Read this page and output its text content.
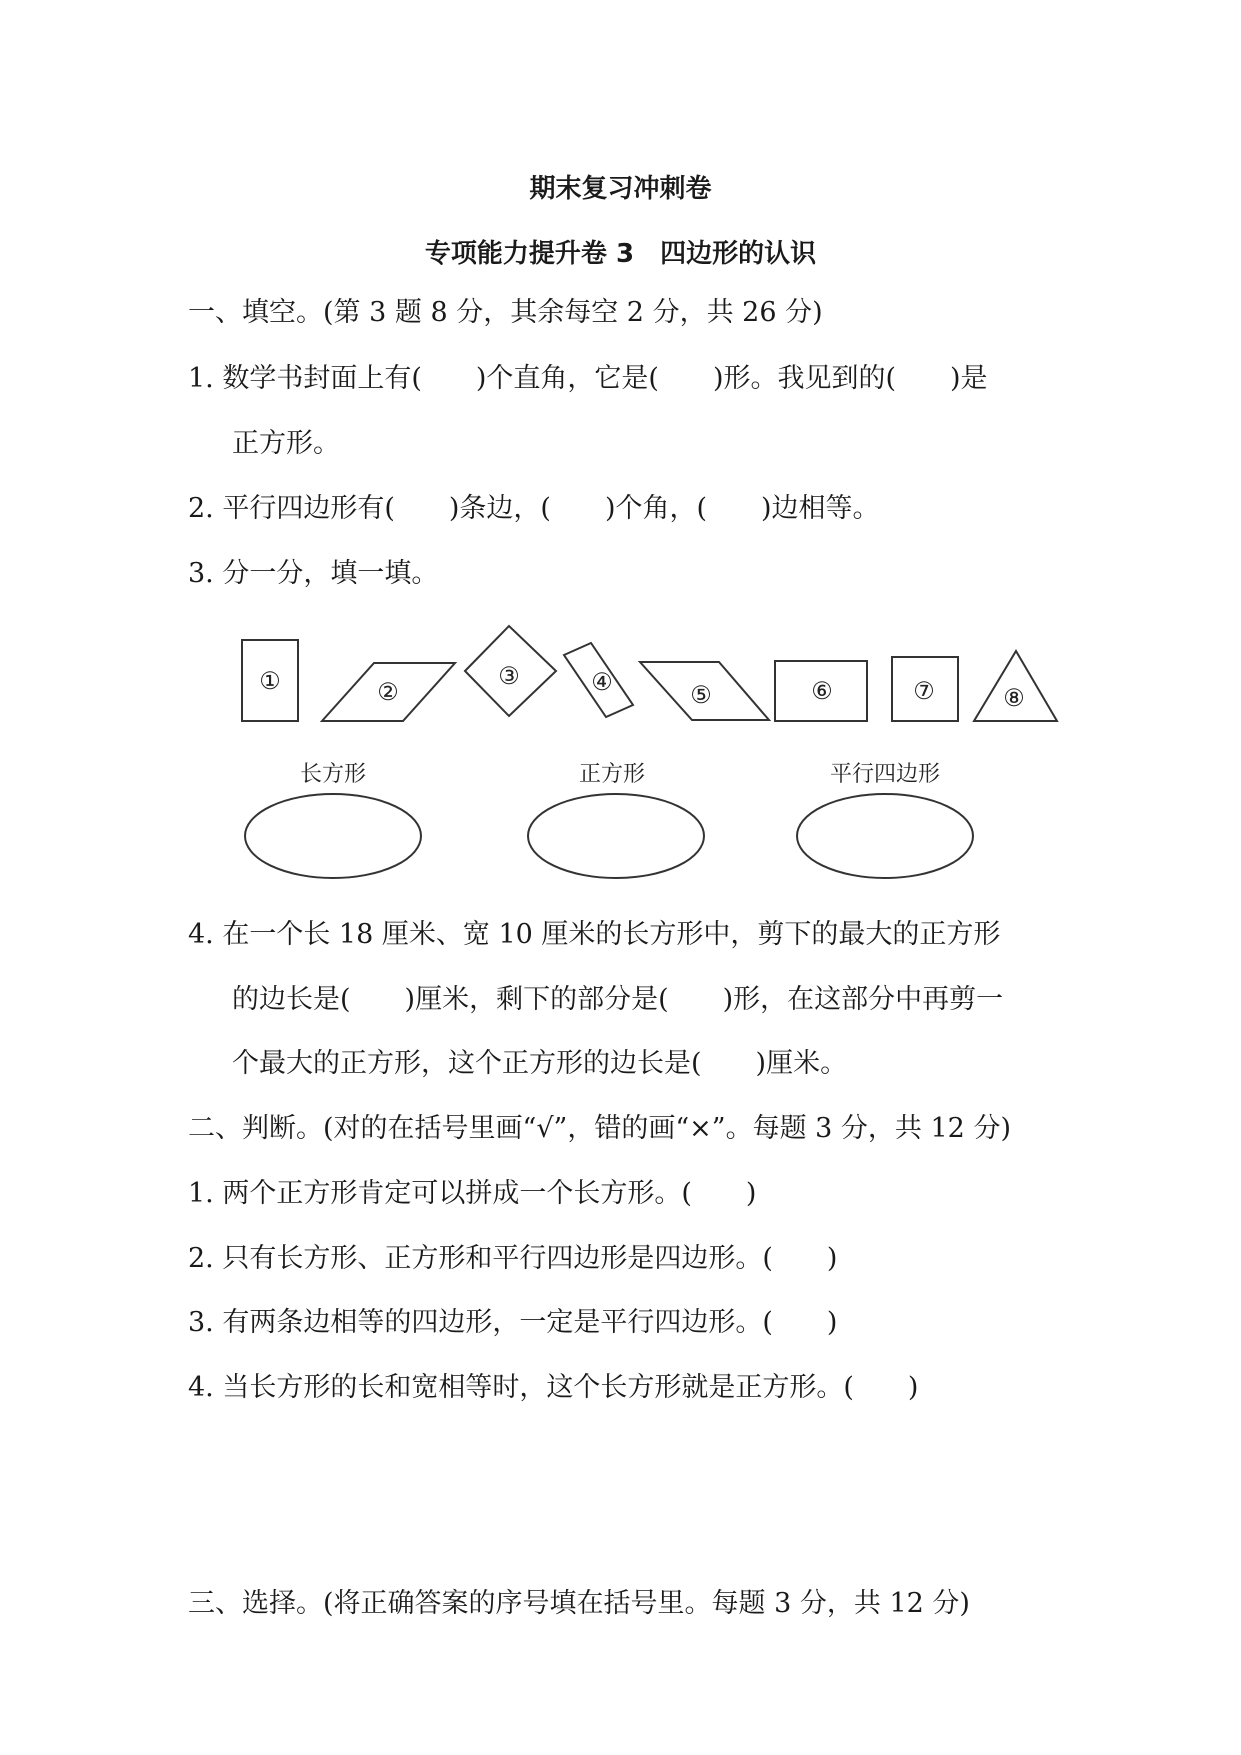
期末复习冲刺卷
专项能力提升卷 3　四边形的认识
一、填空。(第 3 题 8 分，其余每空 2 分，共 26 分)
1. 数学书封面上有(　　)个直角，它是(　　)形。我见到的(　　)是
正方形。
2. 平行四边形有(　　)条边，(　　)个角，(　　)边相等。
3. 分一分，填一填。
①	②
③	④	⑤	⑥	⑦	⑧
长方形	正方形	平行四边形
4. 在一个长 18 厘米、宽 10 厘米的长方形中，剪下的最大的正方形
的边长是(　　)厘米，剩下的部分是(　　)形，在这部分中再剪一
个最大的正方形，这个正方形的边长是(　　)厘米。
二、判断。(对的在括号里画“√”，错的画“×”。每题 3 分，共 12 分)
1. 两个正方形肯定可以拼成一个长方形。(　　)
2. 只有长方形、正方形和平行四边形是四边形。(　　)
3. 有两条边相等的四边形，一定是平行四边形。(　　)
4. 当长方形的长和宽相等时，这个长方形就是正方形。(　　)
三、选择。(将正确答案的序号填在括号里。每题 3 分，共 12 分)
